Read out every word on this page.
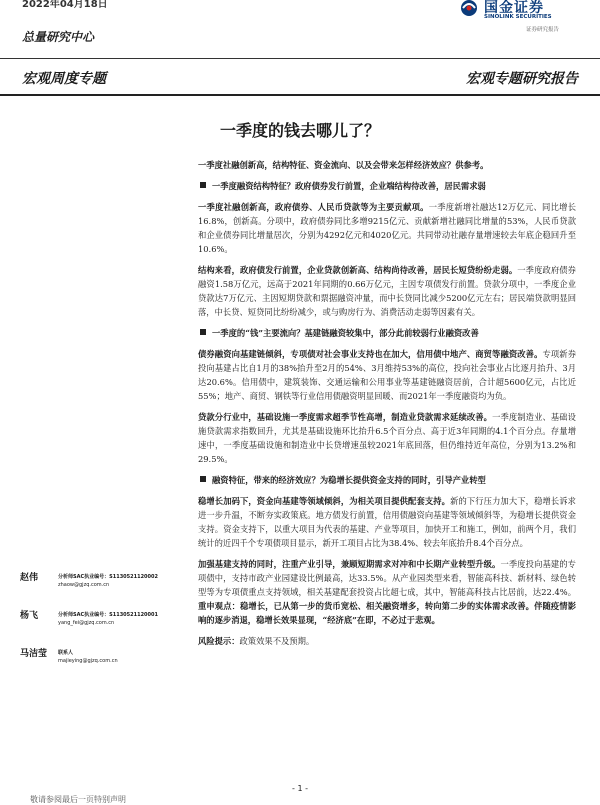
2022年04月18日	国金证券
SINOLINK SECURITIES
证券研究报告
总量研究中心
宏观周度专题	宏观专题研究报告
一季度的钱去哪儿了？

一季度社融创新高，结构特征、资金流向、以及会带来怎样经济效应？供参考。

一季度融资结构特征？政府债券发行前置，企业端结构待改善，居民需求弱

一季度社融创新高，政府债券、人民币贷款等为主要贡献项。一季度新增社融达12万亿元、同比增长16.8%，创新高。分项中，政府债券同比多增9215亿元、贡献新增社融同比增量的53%，人民币贷款和企业债券同比增量居次，分别为4292亿元和4020亿元。共同带动社融存量增速较去年底企稳回升至10.6%。

结构来看，政府债发行前置，企业贷款创新高、结构尚待改善，居民长短贷纷纷走弱。一季度政府债券融资1.58万亿元，远高于2021年同期的0.66万亿元，主因专项债发行前置。贷款分项中，一季度企业贷款达7万亿元、主因短期贷款和票据融资冲量，而中长贷同比减少5200亿元左右；居民端贷款明显回落，中长贷、短贷同比纷纷减少，或与购房行为、消费活动走弱等因素有关。

一季度的“钱”主要流向？基建链融资较集中，部分此前较弱行业融资改善

债券融资向基建链倾斜，专项债对社会事业支持也在加大，信用债中地产、商贸等融资改善。专项新券投向基建占比自1月的38%抬升至2月的54%、3月维持53%的高位，投向社会事业占比逐月抬升、3月达20.6%。信用债中，建筑装饰、交通运输和公用事业等基建链融资居前，合计超5600亿元，占比近55%；地产、商贸、钢铁等行业信用债融资明显回暖、而2021年一季度融资均为负。

贷款分行业中，基础设施一季度需求超季节性高增，制造业贷款需求延续改善。一季度制造业、基础设施贷款需求指数回升，尤其是基础设施环比抬升6.5个百分点、高于近3年同期的4.1个百分点。存量增速中，一季度基础设施和制造业中长贷增速虽较2021年底回落，但仍维持近年高位，分别为13.2%和29.5%。

融资特征，带来的经济效应？为稳增长提供资金支持的同时，引导产业转型

稳增长加码下，资金向基建等领域倾斜，为相关项目提供配套支持。新的下行压力加大下，稳增长诉求进一步升温，不断夯实政策底。地方债发行前置，信用债融资向基建等领域倾斜等，为稳增长提供资金支持。资金支持下，以重大项目为代表的基建、产业等项目，加快开工和施工，例如，前两个月，我们统计的近四千个专项债项目显示，新开工项目占比为38.4%、较去年底抬升8.4个百分点。

加强基建支持的同时，注重产业引导，兼顾短期需求对冲和中长期产业转型升级。一季度投向基建的专项债中，支持市政产业园建设比例最高，达33.5%。从产业园类型来看，智能高科技、新材料、绿色转型等为专项债重点支持领域，相关基建配套投资占比超七成，其中，智能高科技占比居前，达22.4%。重申观点：稳增长，已从第一步的货币宽松、相关融资增多，转向第二步的实体需求改善。伴随疫情影响的逐步消退，稳增长效果显现，“经济底”在即，不必过于悲观。

风险提示：政策效果不及预期。

赵伟	分析师SAC执业编号：S1130521120002
zhaow@gjzq.com.cn
杨飞	分析师SAC执业编号：S1130521120001
yang_fei@gjzq.com.cn
马洁莹 联系人
majieying@gjzq.com.cn
- 1 -
敬请参阅最后一页特别声明
